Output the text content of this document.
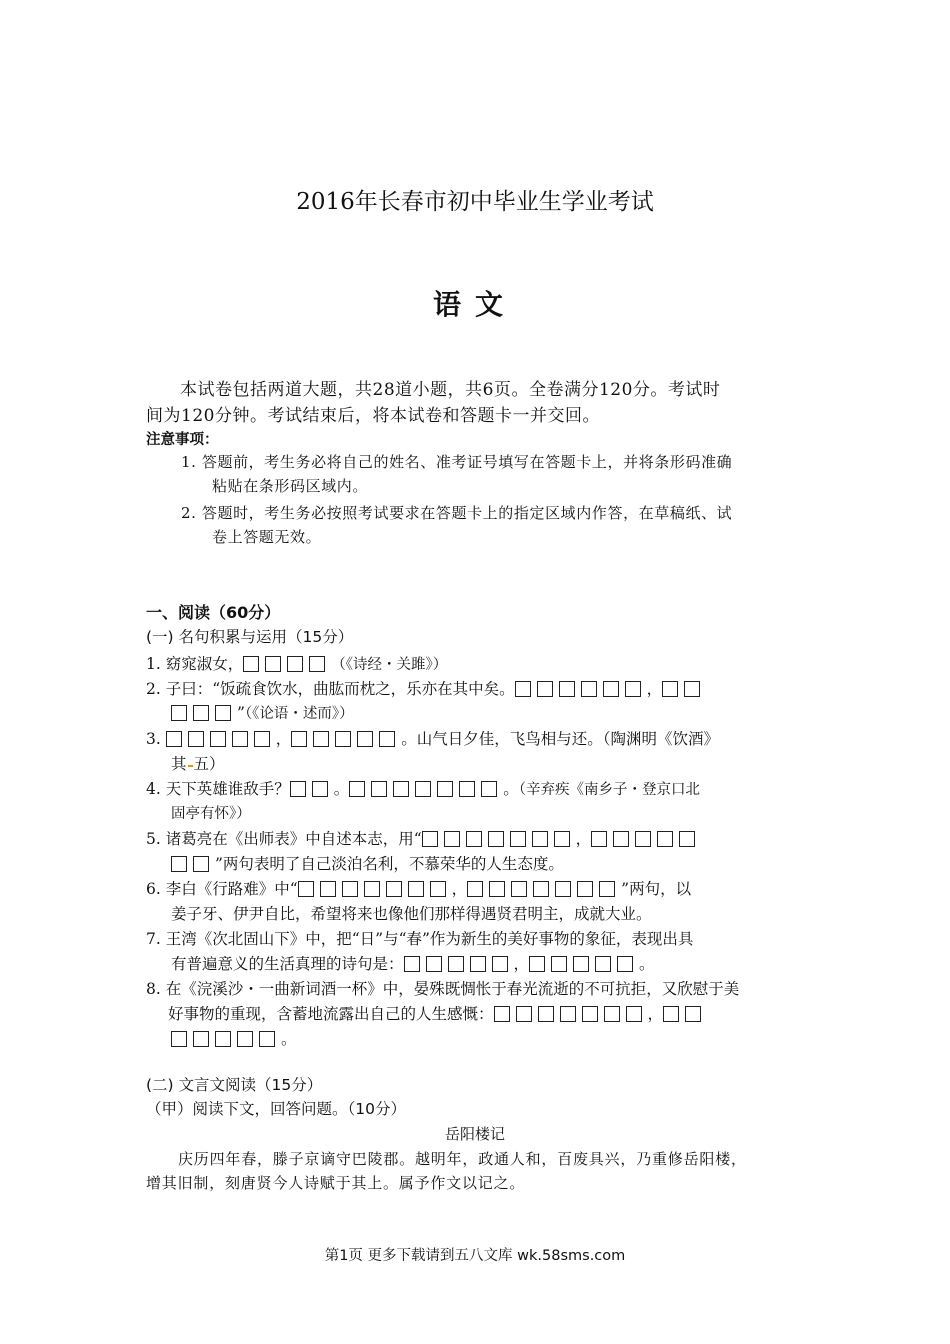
2016年长春市初中毕业生学业考试
语文
本试卷包括两道大题，共28道小题，共6页。全卷满分120分。考试时
间为120分钟。考试结束后，将本试卷和答题卡一并交回。
注意事项：
1. 答题前，考生务必将自己的姓名、准考证号填写在答题卡上，并将条形码准确
粘贴在条形码区域内。
2. 答题时，考生务必按照考试要求在答题卡上的指定区域内作答，在草稿纸、试
卷上答题无效。
一、阅读（60分）
(一) 名句积累与运用（15分）
1. 窈窕淑女，	（《诗经・关雎》）
2. 子曰：“饭疏食饮水，曲肱而枕之，乐亦在其中矣。	，
”（《论语・述而》）
3.	，	。山气日夕佳，飞鸟相与还。（陶渊明《饮酒》
其 五）
4. 天下英雄谁敌手？	。	。（辛弃疾《南乡子・登京口北
固亭有怀》）
5. 诸葛亮在《出师表》中自述本志，用“	，
”两句表明了自己淡泊名利，不慕荣华的人生态度。
6. 李白《行路难》中“	，	”两句，以
姜子牙、伊尹自比，希望将来也像他们那样得遇贤君明主，成就大业。
7. 王湾《次北固山下》中，把“日”与“春”作为新生的美好事物的象征，表现出具
有普遍意义的生活真理的诗句是：	，	。
8. 在《浣溪沙・一曲新词酒一杯》中，晏殊既惆怅于春光流逝的不可抗拒，又欣慰于美
好事物的重现，含蓄地流露出自己的人生感慨：	，
。
(二) 文言文阅读（15分）
（甲）阅读下文，回答问题。（10分）
岳阳楼记
庆历四年春，滕子京谪守巴陵郡。越明年，政通人和，百废具兴，乃重修岳阳楼，
增其旧制，刻唐贤今人诗赋于其上。属予作文以记之。
第1页 更多下载请到五八文库 wk.58sms.com
